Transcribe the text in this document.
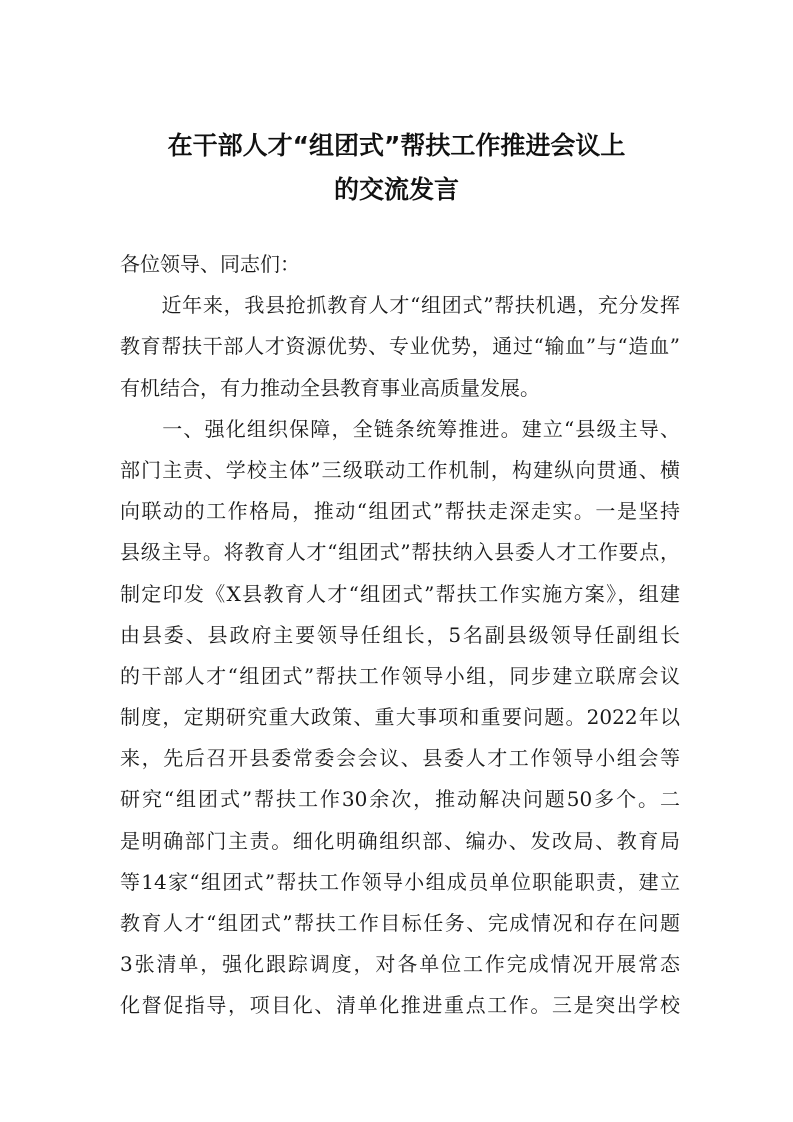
在干部人才“组团式”帮扶工作推进会议上
的交流发言
各位领导、同志们：
　　近年来，我县抢抓教育人才“组团式”帮扶机遇，充分发挥
教育帮扶干部人才资源优势、专业优势，通过“输血”与“造血”
有机结合，有力推动全县教育事业高质量发展。
　　一、强化组织保障，全链条统筹推进。建立“县级主导、
部门主责、学校主体”三级联动工作机制，构建纵向贯通、横
向联动的工作格局，推动“组团式”帮扶走深走实。一是坚持
县级主导。将教育人才“组团式”帮扶纳入县委人才工作要点，
制定印发《X县教育人才“组团式”帮扶工作实施方案》，组建
由县委、县政府主要领导任组长，5名副县级领导任副组长
的干部人才“组团式”帮扶工作领导小组，同步建立联席会议
制度，定期研究重大政策、重大事项和重要问题。2022年以
来，先后召开县委常委会会议、县委人才工作领导小组会等
研究“组团式”帮扶工作30余次，推动解决问题50多个。二
是明确部门主责。细化明确组织部、编办、发改局、教育局
等14家“组团式”帮扶工作领导小组成员单位职能职责，建立
教育人才“组团式”帮扶工作目标任务、完成情况和存在问题
3张清单，强化跟踪调度，对各单位工作完成情况开展常态
化督促指导，项目化、清单化推进重点工作。三是突出学校
